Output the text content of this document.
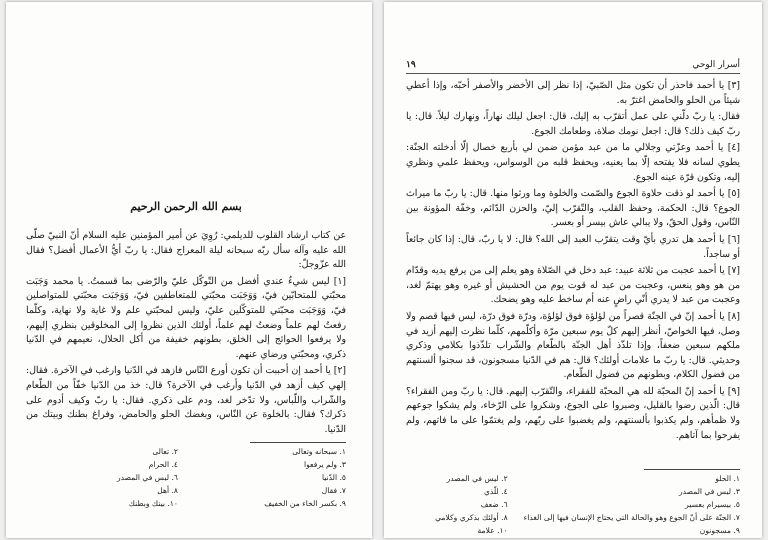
بسم الله الرحمن الرحيم

عن كتاب ارشاد القلوب للديلمي: رُوِيَ عن أمير المؤمنين عليه السلام أنّ النبيّ صلّى الله عليه وآله سأل ربّه سبحانه ليلة المعراج فقال: يا ربّ أيُّ الأعمال أفضل؟ فقال الله عزّوجلّ:

[١] ليس شيءٌ عندي أفضل من التّوكّل عليّ والرّضى بما قسمتُ. يا محمد وَجَبَت محبّتي للمتحابّين فيّ، وَوَجَبَت محبّتي للمتعاطفين فيّ، وَوَجَبَت محبّتي للمتواصلين فيّ، وَوَجَبَت محبّتي للمتوكّلين عليّ، وليس لمحبّتي علم ولا غاية ولا نهاية، وكلّما رفعتُ لهم علماً وضعتُ لهم علماً، أولئك الذين نظروا إلى المخلوقين بنظري إليهم، ولا يرفعوا الحوائج إلى الخلق، بطونهم خفيفة من أكل الحلال، نعيمهم في الدّنيا ذكري، ومحبّتي ورضاي عنهم.

[٢] يا أحمد إن أحببت أن تكون أورع النّاس فازهد في الدّنيا وارغب في الآخرة. فقال: إلهي كيف أزهد في الدّنيا وأرغب في الآخرة؟ قال: خذ من الدّنيا خفّاً من الطّعام والشّراب واللّباس، ولا تدّخر لغد، ودم على ذكري. فقال: يا ربّ وكيف أدوم على ذكرك؟ فقال: بالخلوة عن النّاس، وبغضك الحلو والحامض، وفراغ بطنك وبيتك من الدّنيا.

١. سبحانه وتعالى
٢. تعالى
٣. ولم يرفعوا
٤. الحرام
٥. الدّنيا
٦. ليس في المصدر
٧. فقال
٨. أهل
٩. بكسر الخاء من الخفيف
١٠. بيتك وبطنك
أسرار الوحي
١٩

[٣] يا أحمد فاحذر أن تكون مثل الصّبيّ، إذا نظر إلى الأخضر والأصفر أحبّه، وإذا أعطي شيئاً من الحلو والحامض اغترّ به.

فقال: يا ربّ دلّني على عمل أتقرّب به إليك، قال: اجعل ليلك نهاراً، ونهارك ليلاً. قال: يا ربّ كيف ذلك؟ قال: اجعل نومك صلاة، وطعامك الجوع.

[٤] يا أحمد وعزّتي وجلالي ما من عبد مؤمن ضمن لي بأربع خصال إلّا أدخلته الجنّة: يطوي لسانه فلا يفتحه إلّا بما يعنيه، ويحفظ قلبه من الوسواس، ويحفظ علمي ونظري إليه، وتكون قرّة عينه الجوع.

[٥] يا أحمد لو ذقت حلاوة الجوع والصّمت والخلوة وما ورثوا منها. قال: يا ربّ ما ميراث الجوع؟ قال: الحكمة، وحفظ القلب، والتّقرّب إليّ، والحزن الدّائم، وخفّة المؤونة بين النّاس، وقول الحقّ، ولا يبالي عاش بيسر أو بعسر.

[٦] يا أحمد هل تدري بأيّ وقت يتقرّب العبد إلى الله؟ قال: لا يا ربّ، قال: إذا كان جائعاً أو ساجداً.

[٧] يا أحمد عجبت من ثلاثة عبيد: عبد دخل في الصّلاة وهو يعلم إلى من يرفع يديه وقدّام من هو وهو ينعس، وعجبت من عبد له قوت يوم من الحشيش أو غيره وهو يهتمّ لغد، وعجبت من عبد لا يدري أنّي راضٍ عنه أم ساخط عليه وهو يضحك.

[٨] يا أحمد إنّ في الجنّة قصراً من لؤلؤة فوق لؤلؤة، ودرّة فوق درّة، ليس فيها قصم ولا وصل، فيها الخواصّ، أنظر إليهم كلّ يوم سبعين مرّة وأكلّمهم، كلّما نظرت إليهم أزيد في ملكهم سبعين ضعفاً، وإذا تلذّذ أهل الجنّة بالطّعام والشّراب تلذّذوا بكلامي وذكري وحديثي. قال: يا ربّ ما علامات أولئك؟ قال: هم في الدّنيا مسجونون، قد سجنوا ألسنتهم من فضول الكلام، وبطونهم من فضول الطّعام.

[٩] يا أحمد إنّ المحبّة لله هي المحبّة للفقراء، والتّقرّب إليهم. قال: يا ربّ ومن الفقراء؟ قال: الّذين رضوا بالقليل، وصبروا على الجوع، وشكروا على الرّخاء، ولم يشكوا جوعهم ولا ظمأهم، ولم يكذبوا بألسنتهم، ولم يغضبوا على ربّهم، ولم يغتمّوا على ما فاتهم، ولم يفرحوا بما آتاهم.

١. الحلو
٢. ليس في المصدر
٣. ليس في المصدر
٤. للّذي
٥. بيسيرام بعسير
٦. ضعف
٧. الجنّة على أنّ الجوع وهو والحالة التي يحتاج الإنسان فيها إلى الغذاء
٨. أولئك بذكري وكلامي
٩. مسجونون
١٠. علامة
